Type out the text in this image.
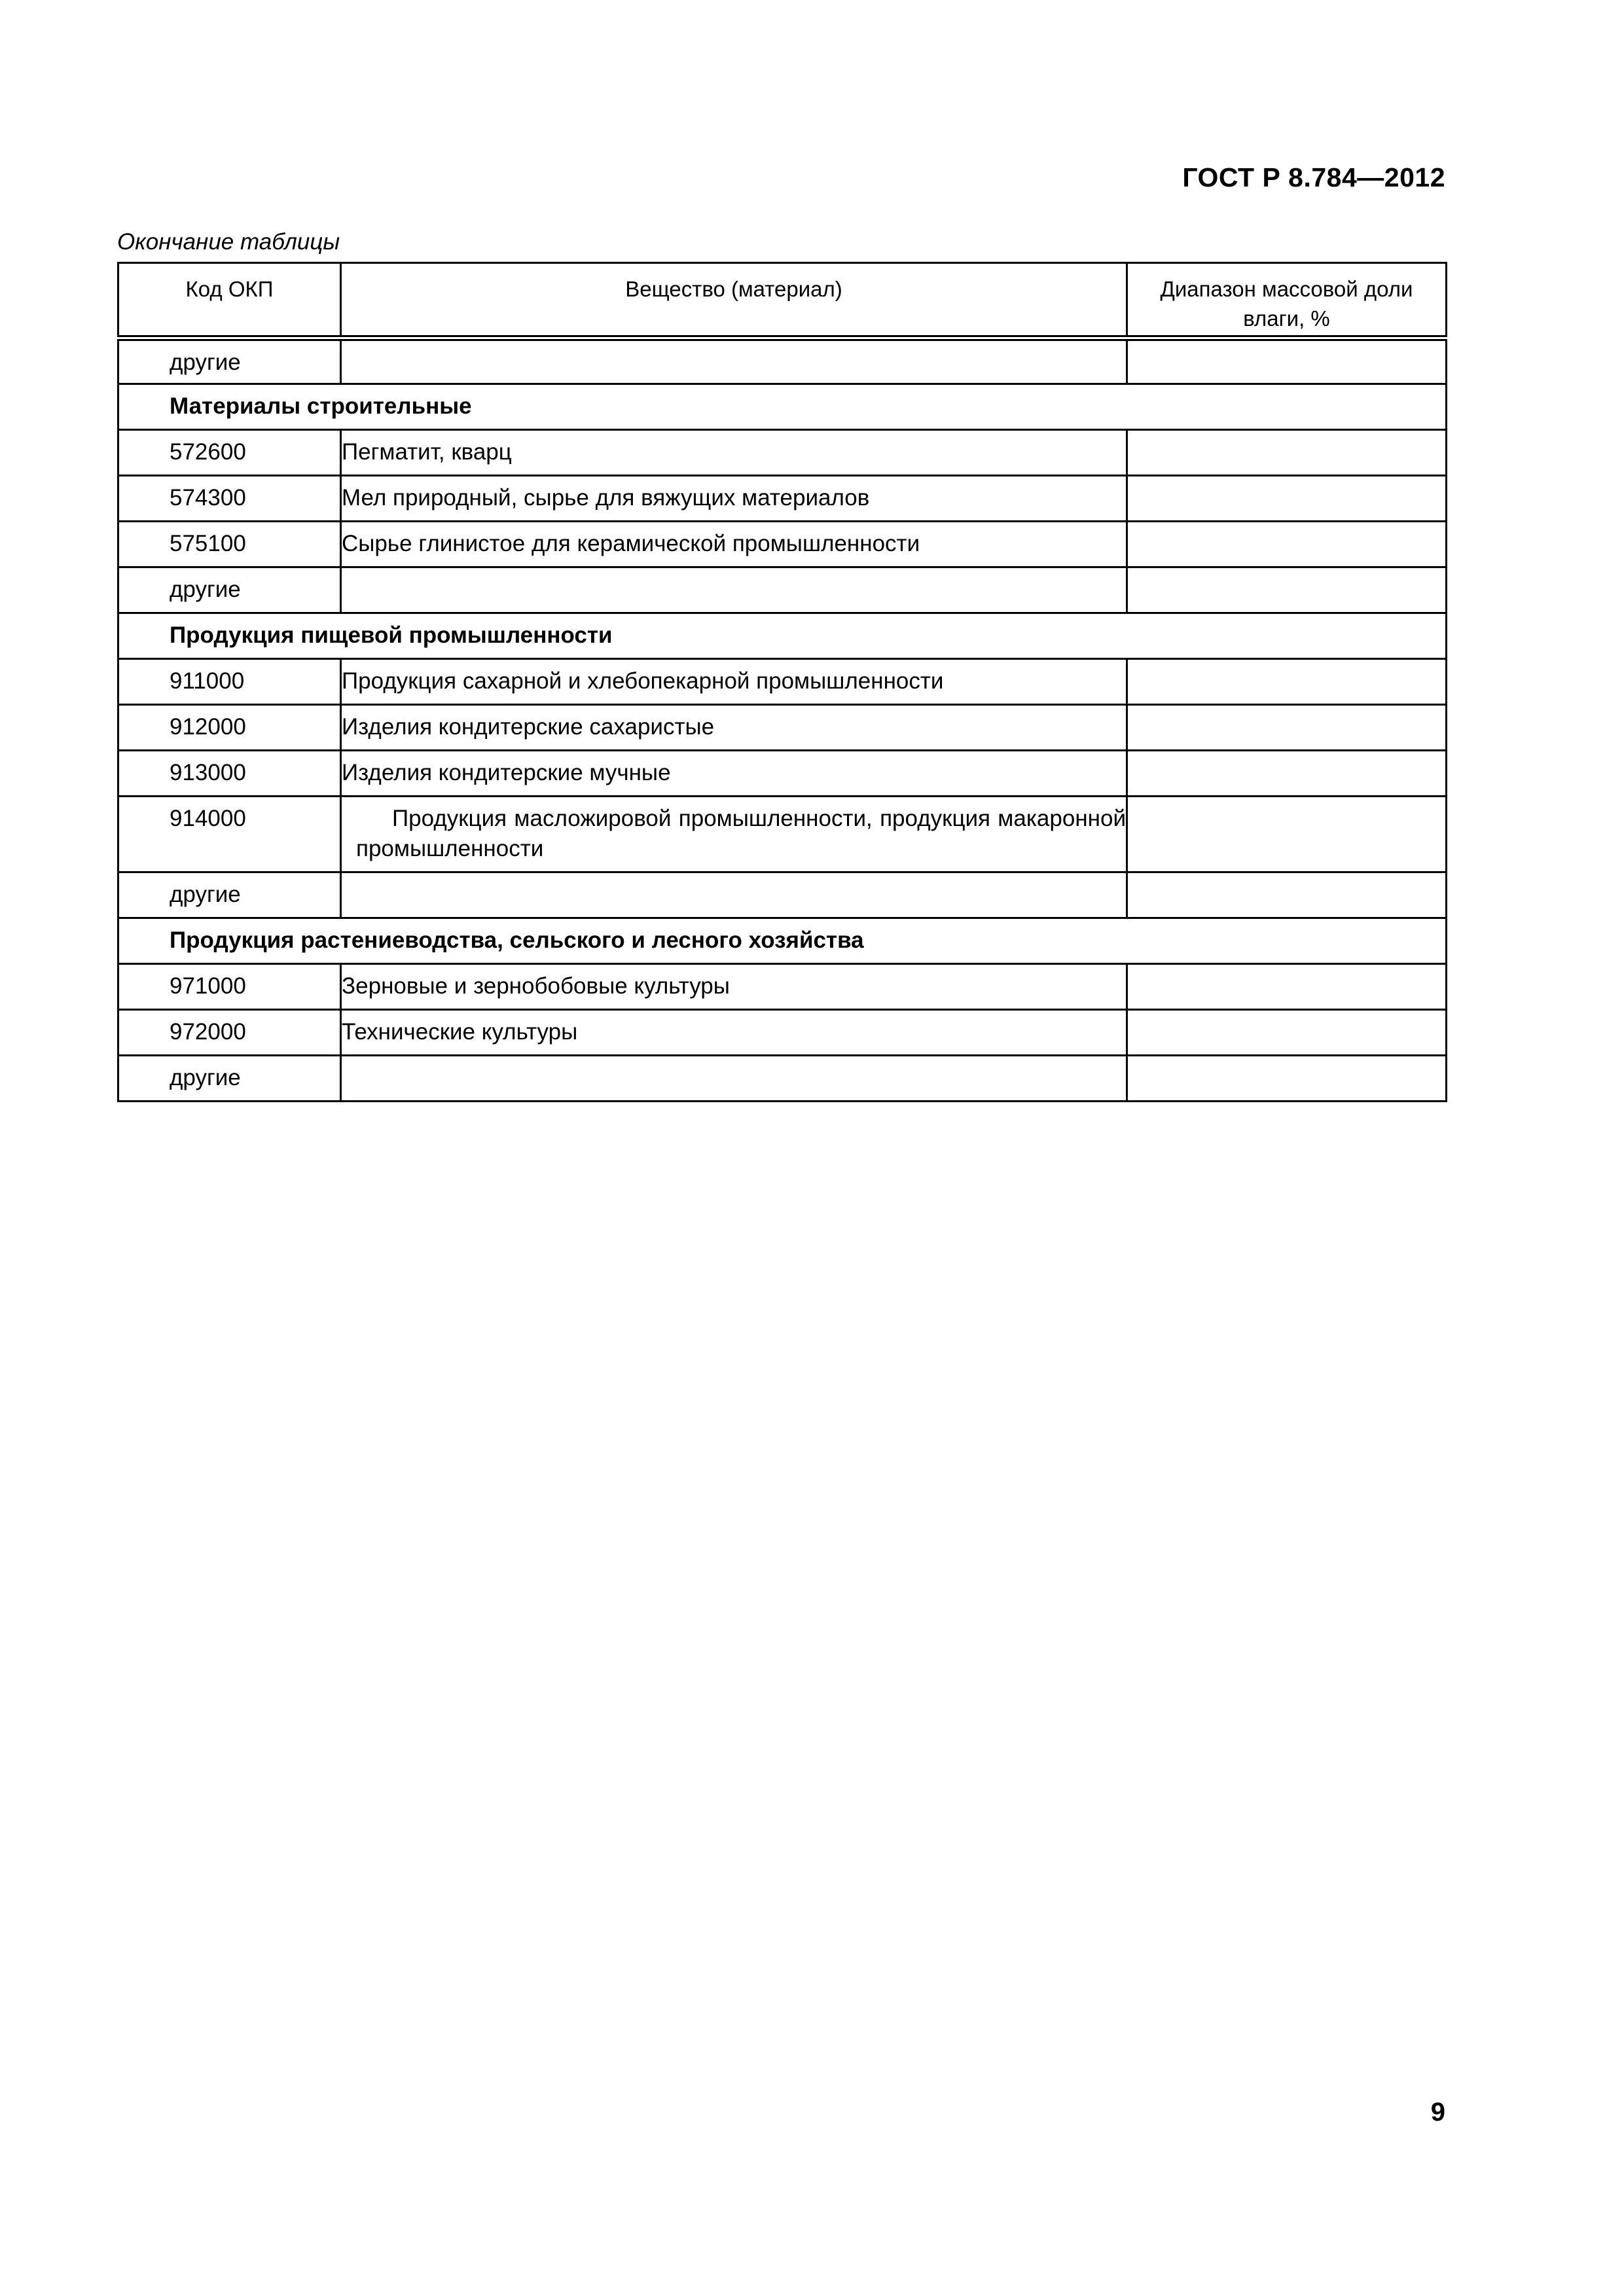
ГОСТ Р 8.784—2012
Окончание таблицы
Код ОКП	Вещество (материал)	Диапазон массовой доли влаги, %
другие		
Материалы строительные		
572600	Пегматит, кварц	
574300	Мел природный, сырье для вяжущих материалов	
575100	Сырье глинистое для керамической промышленности	
другие		
Продукция пищевой промышленности		
911000	Продукция сахарной и хлебопекарной промышленности	
912000	Изделия кондитерские сахаристые	
913000	Изделия кондитерские мучные	
914000	Продукция масложировой промышленности, продукция макаронной промышленности	
другие		
Продукция растениеводства, сельского и лесного хозяйства		
971000	Зерновые и зернобобовые культуры	
972000	Технические культуры	
другие		
9
